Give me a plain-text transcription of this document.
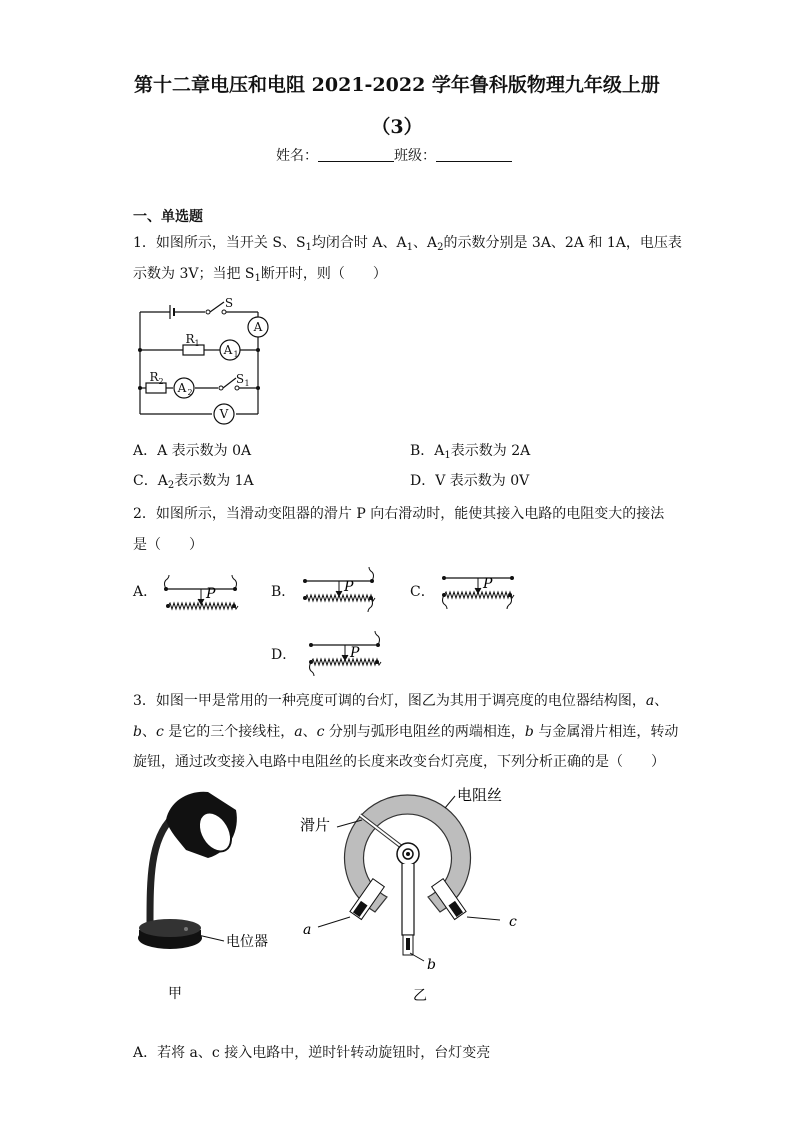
第十二章电压和电阻 2021-2022 学年鲁科版物理九年级上册
（3）
姓名：	班级：
一、单选题
1．如图所示，当开关 S、$S_1$均闭合时 A、$A_1$、$A_2$的示数分别是 3A、2A 和 1A，电压表
示数为 3V；当把 $S_1$断开时，则（　　）
A
A 1
A 2
V
S
S 1
R 1
R 2
A．A 表示数为 0A	B．$A_1$表示数为 2A
C．$A_2$表示数为 1A	D．V 表示数为 0V
2．如图所示，当滑动变阻器的滑片 P 向右滑动时，能使其接入电路的电阻变大的接法
是（　　）
A．	B．	C．
D．
P	P	P
P
3．如图一甲是常用的一种亮度可调的台灯，图乙为其用于调亮度的电位器结构图，a、
b、c 是它的三个接线柱，a、c 分别与弧形电阻丝的两端相连，b 与金属滑片相连，转动
旋钮，通过改变接入电路中电阻丝的长度来改变台灯亮度，下列分析正确的是（　　）
电位器
甲
电阻丝
滑片
a
b
c
乙
A．若将 a、c 接入电路中，逆时针转动旋钮时，台灯变亮
